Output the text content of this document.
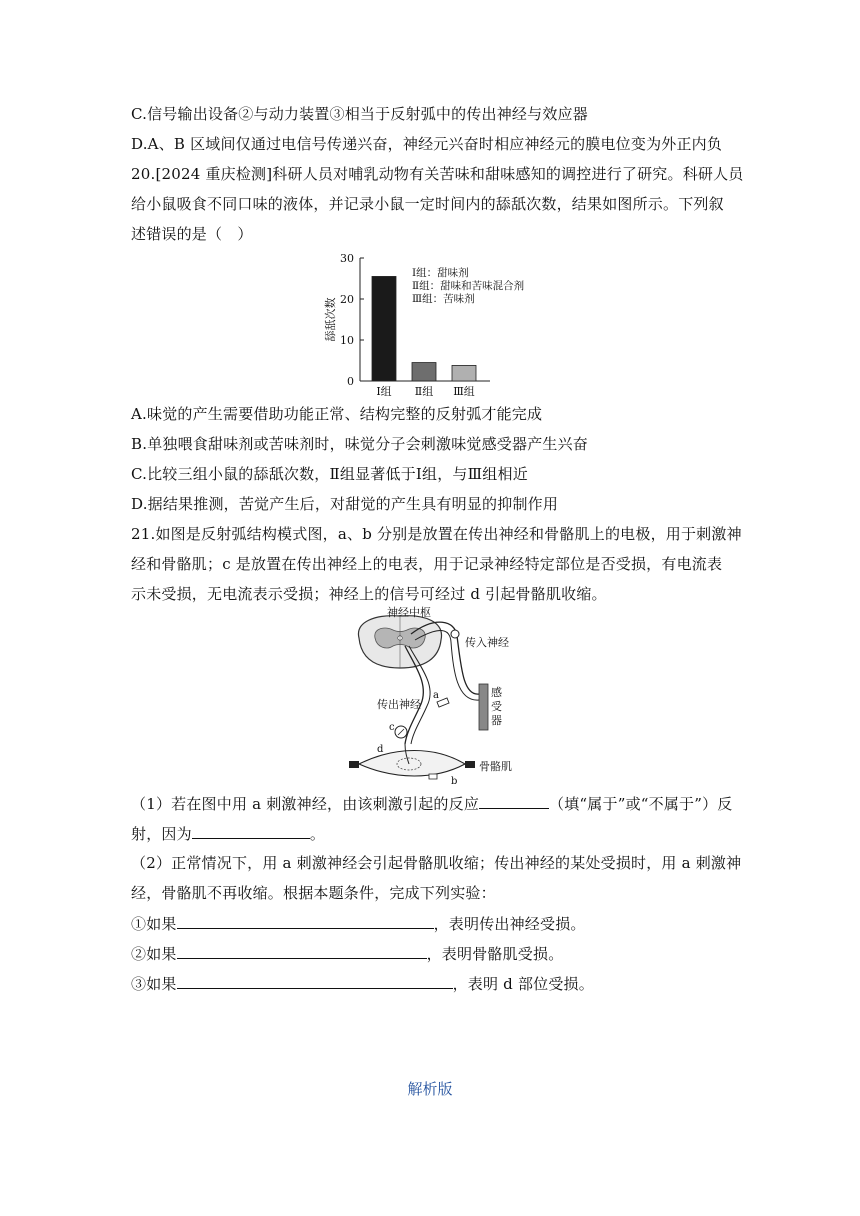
C.信号输出设备②与动力装置③相当于反射弧中的传出神经与效应器
D.A、B 区域间仅通过电信号传递兴奋，神经元兴奋时相应神经元的膜电位变为外正内负
20.[2024 重庆检测]科研人员对哺乳动物有关苦味和甜味感知的调控进行了研究。科研人员
给小鼠吸食不同口味的液体，并记录小鼠一定时间内的舔舐次数，结果如图所示。下列叙
述错误的是（　）
0
10
20
30
舔舐次数
Ⅰ组 Ⅱ组 Ⅲ组
Ⅰ组：甜味剂
Ⅱ组：甜味和苦味混合剂
Ⅲ组：苦味剂
A.味觉的产生需要借助功能正常、结构完整的反射弧才能完成
B.单独喂食甜味剂或苦味剂时，味觉分子会刺激味觉感受器产生兴奋
C.比较三组小鼠的舔舐次数，Ⅱ组显著低于Ⅰ组，与Ⅲ组相近
D.据结果推测，苦觉产生后，对甜觉的产生具有明显的抑制作用
21.如图是反射弧结构模式图，a、b 分别是放置在传出神经和骨骼肌上的电极，用于刺激神
经和骨骼肌；c 是放置在传出神经上的电表，用于记录神经特定部位是否受损，有电流表
示未受损，无电流表示受损；神经上的信号可经过 d 引起骨骼肌收缩。
神经中枢
传入神经
传出神经
感
受
器
骨骼肌
a
c
d
b
（1）若在图中用 a 刺激神经，由该刺激引起的反应	（填“属于”或“不属于”）反
射，因为	。
（2）正常情况下，用 a 刺激神经会引起骨骼肌收缩；传出神经的某处受损时，用 a 刺激神
经，骨骼肌不再收缩。根据本题条件，完成下列实验：
①如果	，表明传出神经受损。
②如果	，表明骨骼肌受损。
③如果	，表明 d 部位受损。
解析版
